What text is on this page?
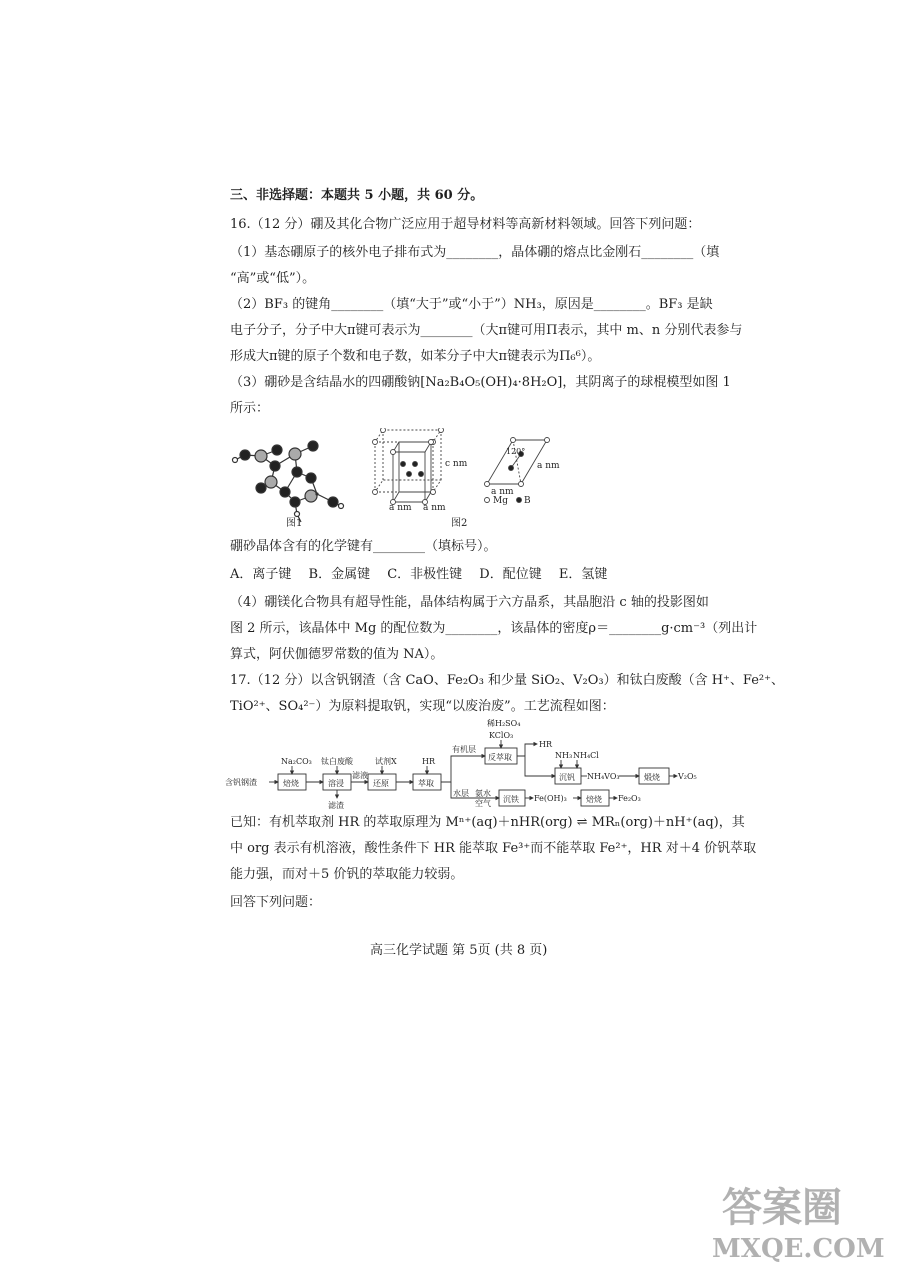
三、非选择题：本题共 5 小题，共 60 分。
16.（12 分）硼及其化合物广泛应用于超导材料等高新材料领域。回答下列问题：
（1）基态硼原子的核外电子排布式为________，晶体硼的熔点比金刚石________（填
“高”或“低”）。
（2）BF₃ 的键角________（填“大于”或“小于”）NH₃，原因是________。BF₃ 是缺
电子分子，分子中大π键可表示为________（大π键可用Π表示，其中 m、n 分别代表参与
形成大π键的原子个数和电子数，如苯分子中大π键表示为Π₆⁶）。
（3）硼砂是含结晶水的四硼酸钠[Na₂B₄O₅(OH)₄·8H₂O]，其阴离子的球棍模型如图 1
所示：
c nm
a nm a nm
120°
a nm
a nm
Mg B
图1	图2
硼砂晶体含有的化学键有________（填标号）。
A．离子键　 B．金属键　 C．非极性键　 D．配位键　 E．氢键
（4）硼镁化合物具有超导性能，晶体结构属于六方晶系，其晶胞沿 c 轴的投影图如
图 2 所示，该晶体中 Mg 的配位数为________，该晶体的密度ρ＝________g·cm⁻³（列出计
算式，阿伏伽德罗常数的值为 NA）。
17.（12 分）以含钒钢渣（含 CaO、Fe₂O₃ 和少量 SiO₂、V₂O₃）和钛白废酸（含 H⁺、Fe²⁺、
TiO²⁺、SO₄²⁻）为原料提取钒，实现“以废治废”。工艺流程如图：
含钒钢渣
Na₂CO₃
焙烧
钛白废酸
溶浸
滤渣
滤液
试剂X
还原
HR
萃取
有机层
稀H₂SO₄
KClO₃
反萃取
HR
NH₃ NH₄Cl
沉钒 NH₄VO₃	煅烧 V₂O₅
水层 氨水
空气 沉铁 Fe(OH)₃ 焙烧 Fe₂O₃
已知：有机萃取剂 HR 的萃取原理为 Mⁿ⁺(aq)＋nHR(org) ⇌ MRₙ(org)＋nH⁺(aq)，其
中 org 表示有机溶液，酸性条件下 HR 能萃取 Fe³⁺而不能萃取 Fe²⁺，HR 对＋4 价钒萃取
能力强，而对＋5 价钒的萃取能力较弱。
回答下列问题：
高三化学试题 第 5页 (共 8 页)
答案圈
MXQE.COM
